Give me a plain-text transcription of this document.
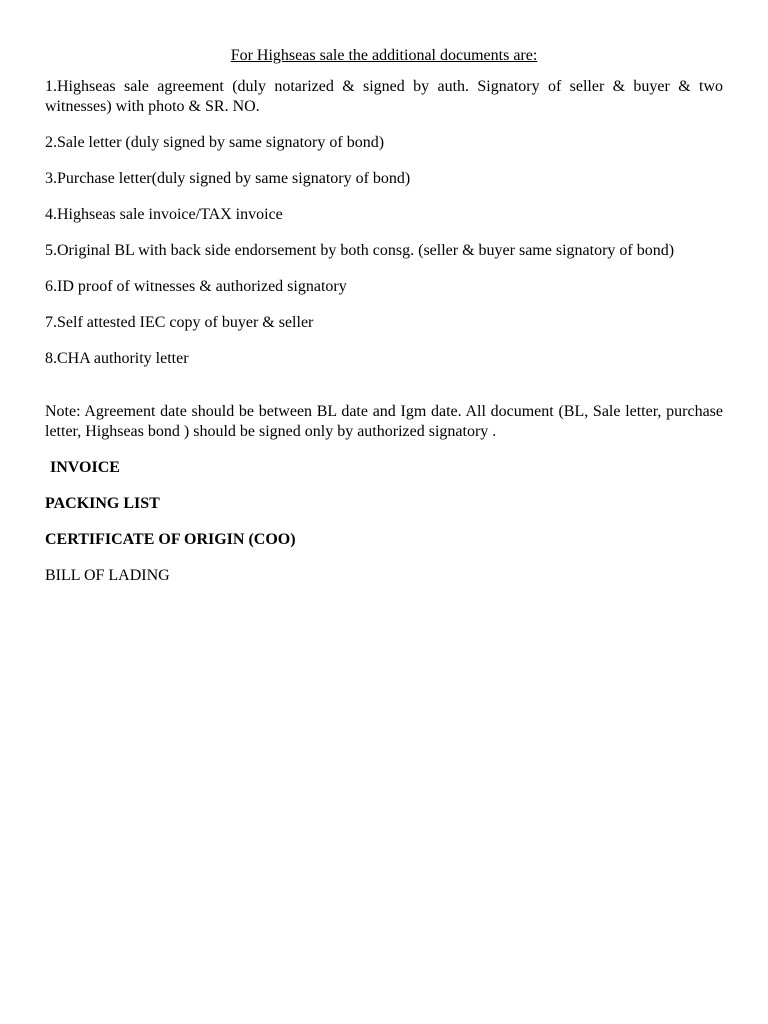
For Highseas sale the additional documents are:
1.Highseas sale agreement (duly notarized & signed by auth. Signatory of seller & buyer & two witnesses) with photo & SR. NO.
2.Sale letter (duly signed by same signatory of bond)
3.Purchase letter(duly signed by same signatory of bond)
4.Highseas sale invoice/TAX invoice
5.Original BL with back side endorsement by both consg. (seller & buyer same signatory of bond)
6.ID proof of witnesses & authorized signatory
7.Self attested IEC copy of buyer & seller
8.CHA authority letter
Note: Agreement date should be between BL date and Igm date. All document (BL, Sale letter, purchase letter, Highseas bond ) should be signed only by authorized signatory .
INVOICE
PACKING LIST
CERTIFICATE OF ORIGIN (COO)
BILL OF LADING
